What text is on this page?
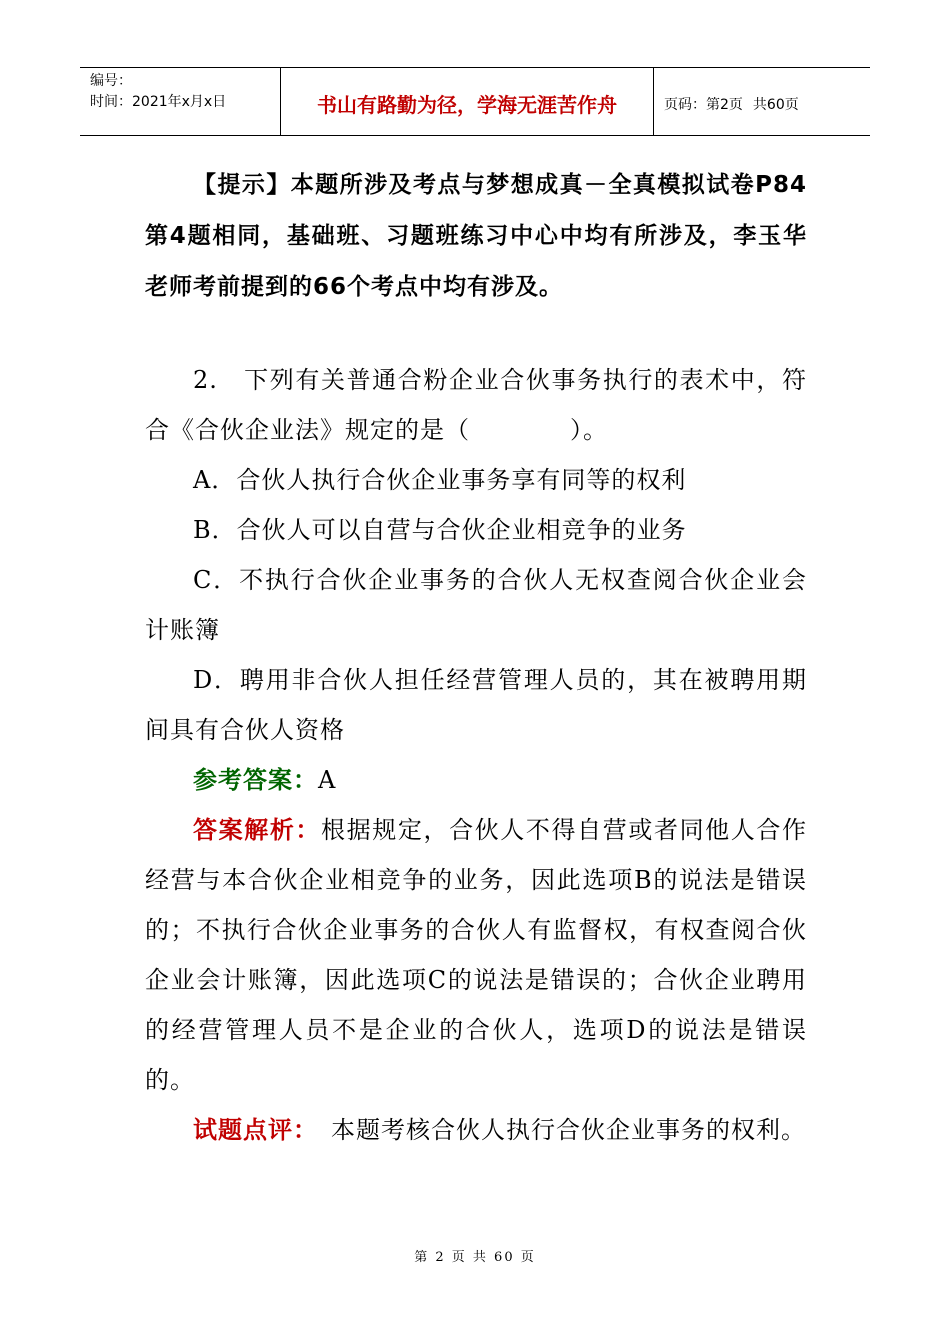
编号：
时间：2021年x月x日	书山有路勤为径，学海无涯苦作舟	页码：第2页 共60页

【提示】本题所涉及考点与梦想成真－全真模拟试卷P84第4题相同，基础班、习题班练习中心中均有所涉及，李玉华老师考前提到的66个考点中均有涉及。

2.　下列有关普通合粉企业合伙事务执行的表术中，符合《合伙企业法》规定的是（　　　　）。

A．合伙人执行合伙企业事务享有同等的权利

B．合伙人可以自营与合伙企业相竞争的业务

C．不执行合伙企业事务的合伙人无权查阅合伙企业会计账簿

D．聘用非合伙人担任经营管理人员的，其在被聘用期间具有合伙人资格

参考答案：A

答案解析：根据规定，合伙人不得自营或者同他人合作经营与本合伙企业相竞争的业务，因此选项B的说法是错误的；不执行合伙企业事务的合伙人有监督权，有权查阅合伙企业会计账簿，因此选项C的说法是错误的；合伙企业聘用的经营管理人员不是企业的合伙人，选项D的说法是错误的。

试题点评：　本题考核合伙人执行合伙企业事务的权利。

第 2 页 共 60 页
